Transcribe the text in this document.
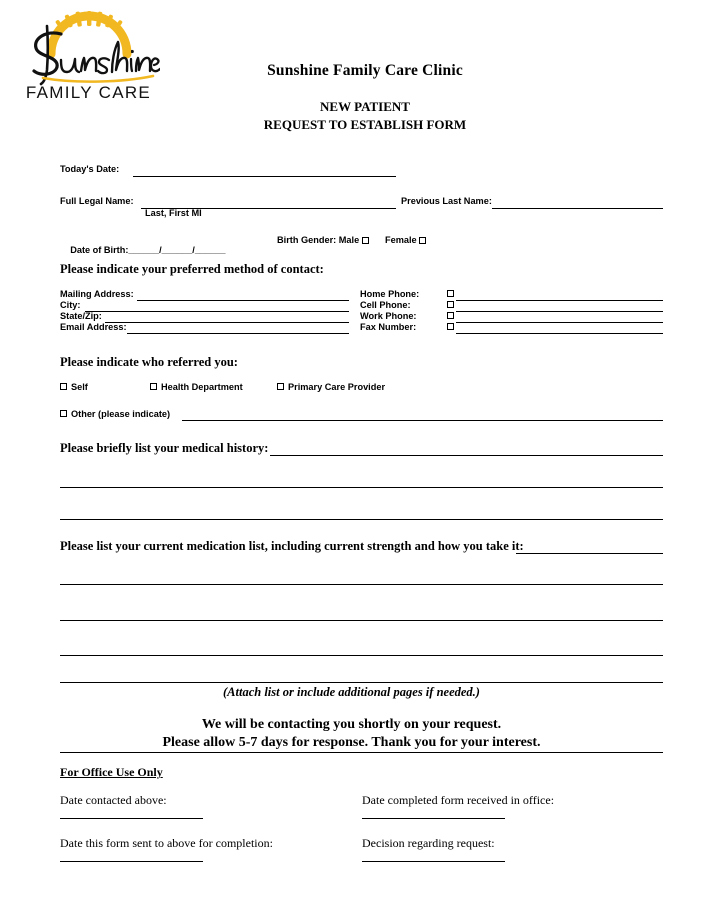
FAMILY CARE
Sunshine Family Care Clinic
NEW PATIENT
REQUEST TO ESTABLISH FORM
Today's Date:
Full Legal Name:
Last, First MI
Previous Last Name:

Date of Birth:______/______/______

Birth Gender: Male	Female
Please indicate your preferred method of contact:
Mailing Address:
City:
State/Zip:
Email Address:
Home Phone:
Cell Phone:
Work Phone:
Fax Number:
Please indicate who referred you:
Self	Health Department	Primary Care Provider
Other (please indicate)
Please briefly list your medical history:
Please list your current medication list, including current strength and how you take it:
(Attach list or include additional pages if needed.)
We will be contacting you shortly on your request.
Please allow 5-7 days for response. Thank you for your interest.
For Office Use Only
Date contacted above:	Date completed form received in office:
Date this form sent to above for completion:	Decision regarding request:
